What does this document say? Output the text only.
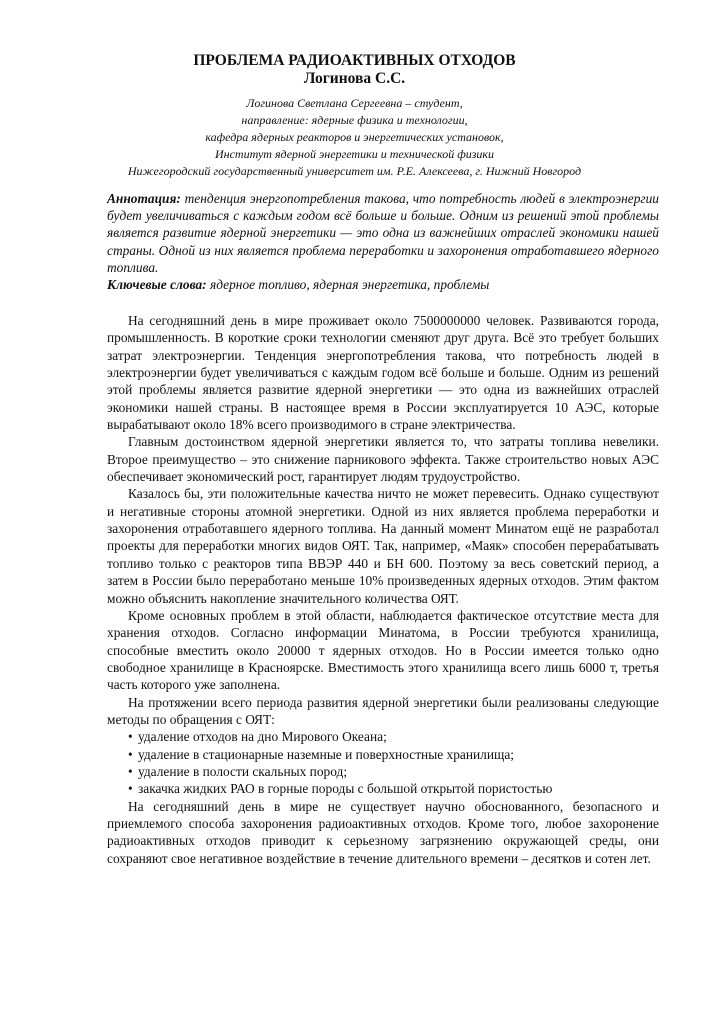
ПРОБЛЕМА РАДИОАКТИВНЫХ ОТХОДОВ
Логинова С.С.
Логинова Светлана Сергеевна – студент,
направление: ядерные физика и технологии,
кафедра ядерных реакторов и энергетических установок,
Институт ядерной энергетики и технической физики
Нижегородский государственный университет им. Р.Е. Алексеева, г. Нижний Новгород
Аннотация: тенденция энергопотребления такова, что потребность людей в электроэнергии будет увеличиваться с каждым годом всё больше и больше. Одним из решений этой проблемы является развитие ядерной энергетики — это одна из важнейших отраслей экономики нашей страны. Одной из них является проблема переработки и захоронения отработавшего ядерного топлива.
Ключевые слова: ядерное топливо, ядерная энергетика, проблемы

На сегодняшний день в мире проживает около 7500000000 человек. Развиваются города, промышленность. В короткие сроки технологии сменяют друг друга. Всё это требует больших затрат электроэнергии. Тенденция энергопотребления такова, что потребность людей в электроэнергии будет увеличиваться с каждым годом всё больше и больше. Одним из решений этой проблемы является развитие ядерной энергетики — это одна из важнейших отраслей экономики нашей страны. В настоящее время в России эксплуатируется 10 АЭС, которые вырабатывают около 18% всего производимого в стране электричества.

Главным достоинством ядерной энергетики является то, что затраты топлива невелики. Второе преимущество – это снижение парникового эффекта. Также строительство новых АЭС обеспечивает экономический рост, гарантирует людям трудоустройство.

Казалось бы, эти положительные качества ничто не может перевесить. Однако существуют и негативные стороны атомной энергетики. Одной из них является проблема переработки и захоронения отработавшего ядерного топлива. На данный момент Минатом ещё не разработал проекты для переработки многих видов ОЯТ. Так, например, «Маяк» способен перерабатывать топливо только с реакторов типа ВВЭР 440 и БН 600. Поэтому за весь советский период, а затем в России было переработано меньше 10% произведенных ядерных отходов. Этим фактом можно объяснить накопление значительного количества ОЯТ.

Кроме основных проблем в этой области, наблюдается фактическое отсутствие места для хранения отходов. Согласно информации Минатома, в России требуются хранилища, способные вместить около 20000 т ядерных отходов. Но в России имеется только одно свободное хранилище в Красноярске. Вместимость этого хранилища всего лишь 6000 т, третья часть которого уже заполнена.

На протяжении всего периода развития ядерной энергетики были реализованы следующие методы по обращения с ОЯТ:

• удаление отходов на дно Мирового Океана;
• удаление в стационарные наземные и поверхностные хранилища;
• удаление в полости скальных пород;
• закачка жидких РАО в горные породы с большой открытой пористостью

На сегодняшний день в мире не существует научно обоснованного, безопасного и приемлемого способа захоронения радиоактивных отходов. Кроме того, любое захоронение радиоактивных отходов приводит к серьезному загрязнению окружающей среды, они сохраняют свое негативное воздействие в течение длительного времени – десятков и сотен лет.
